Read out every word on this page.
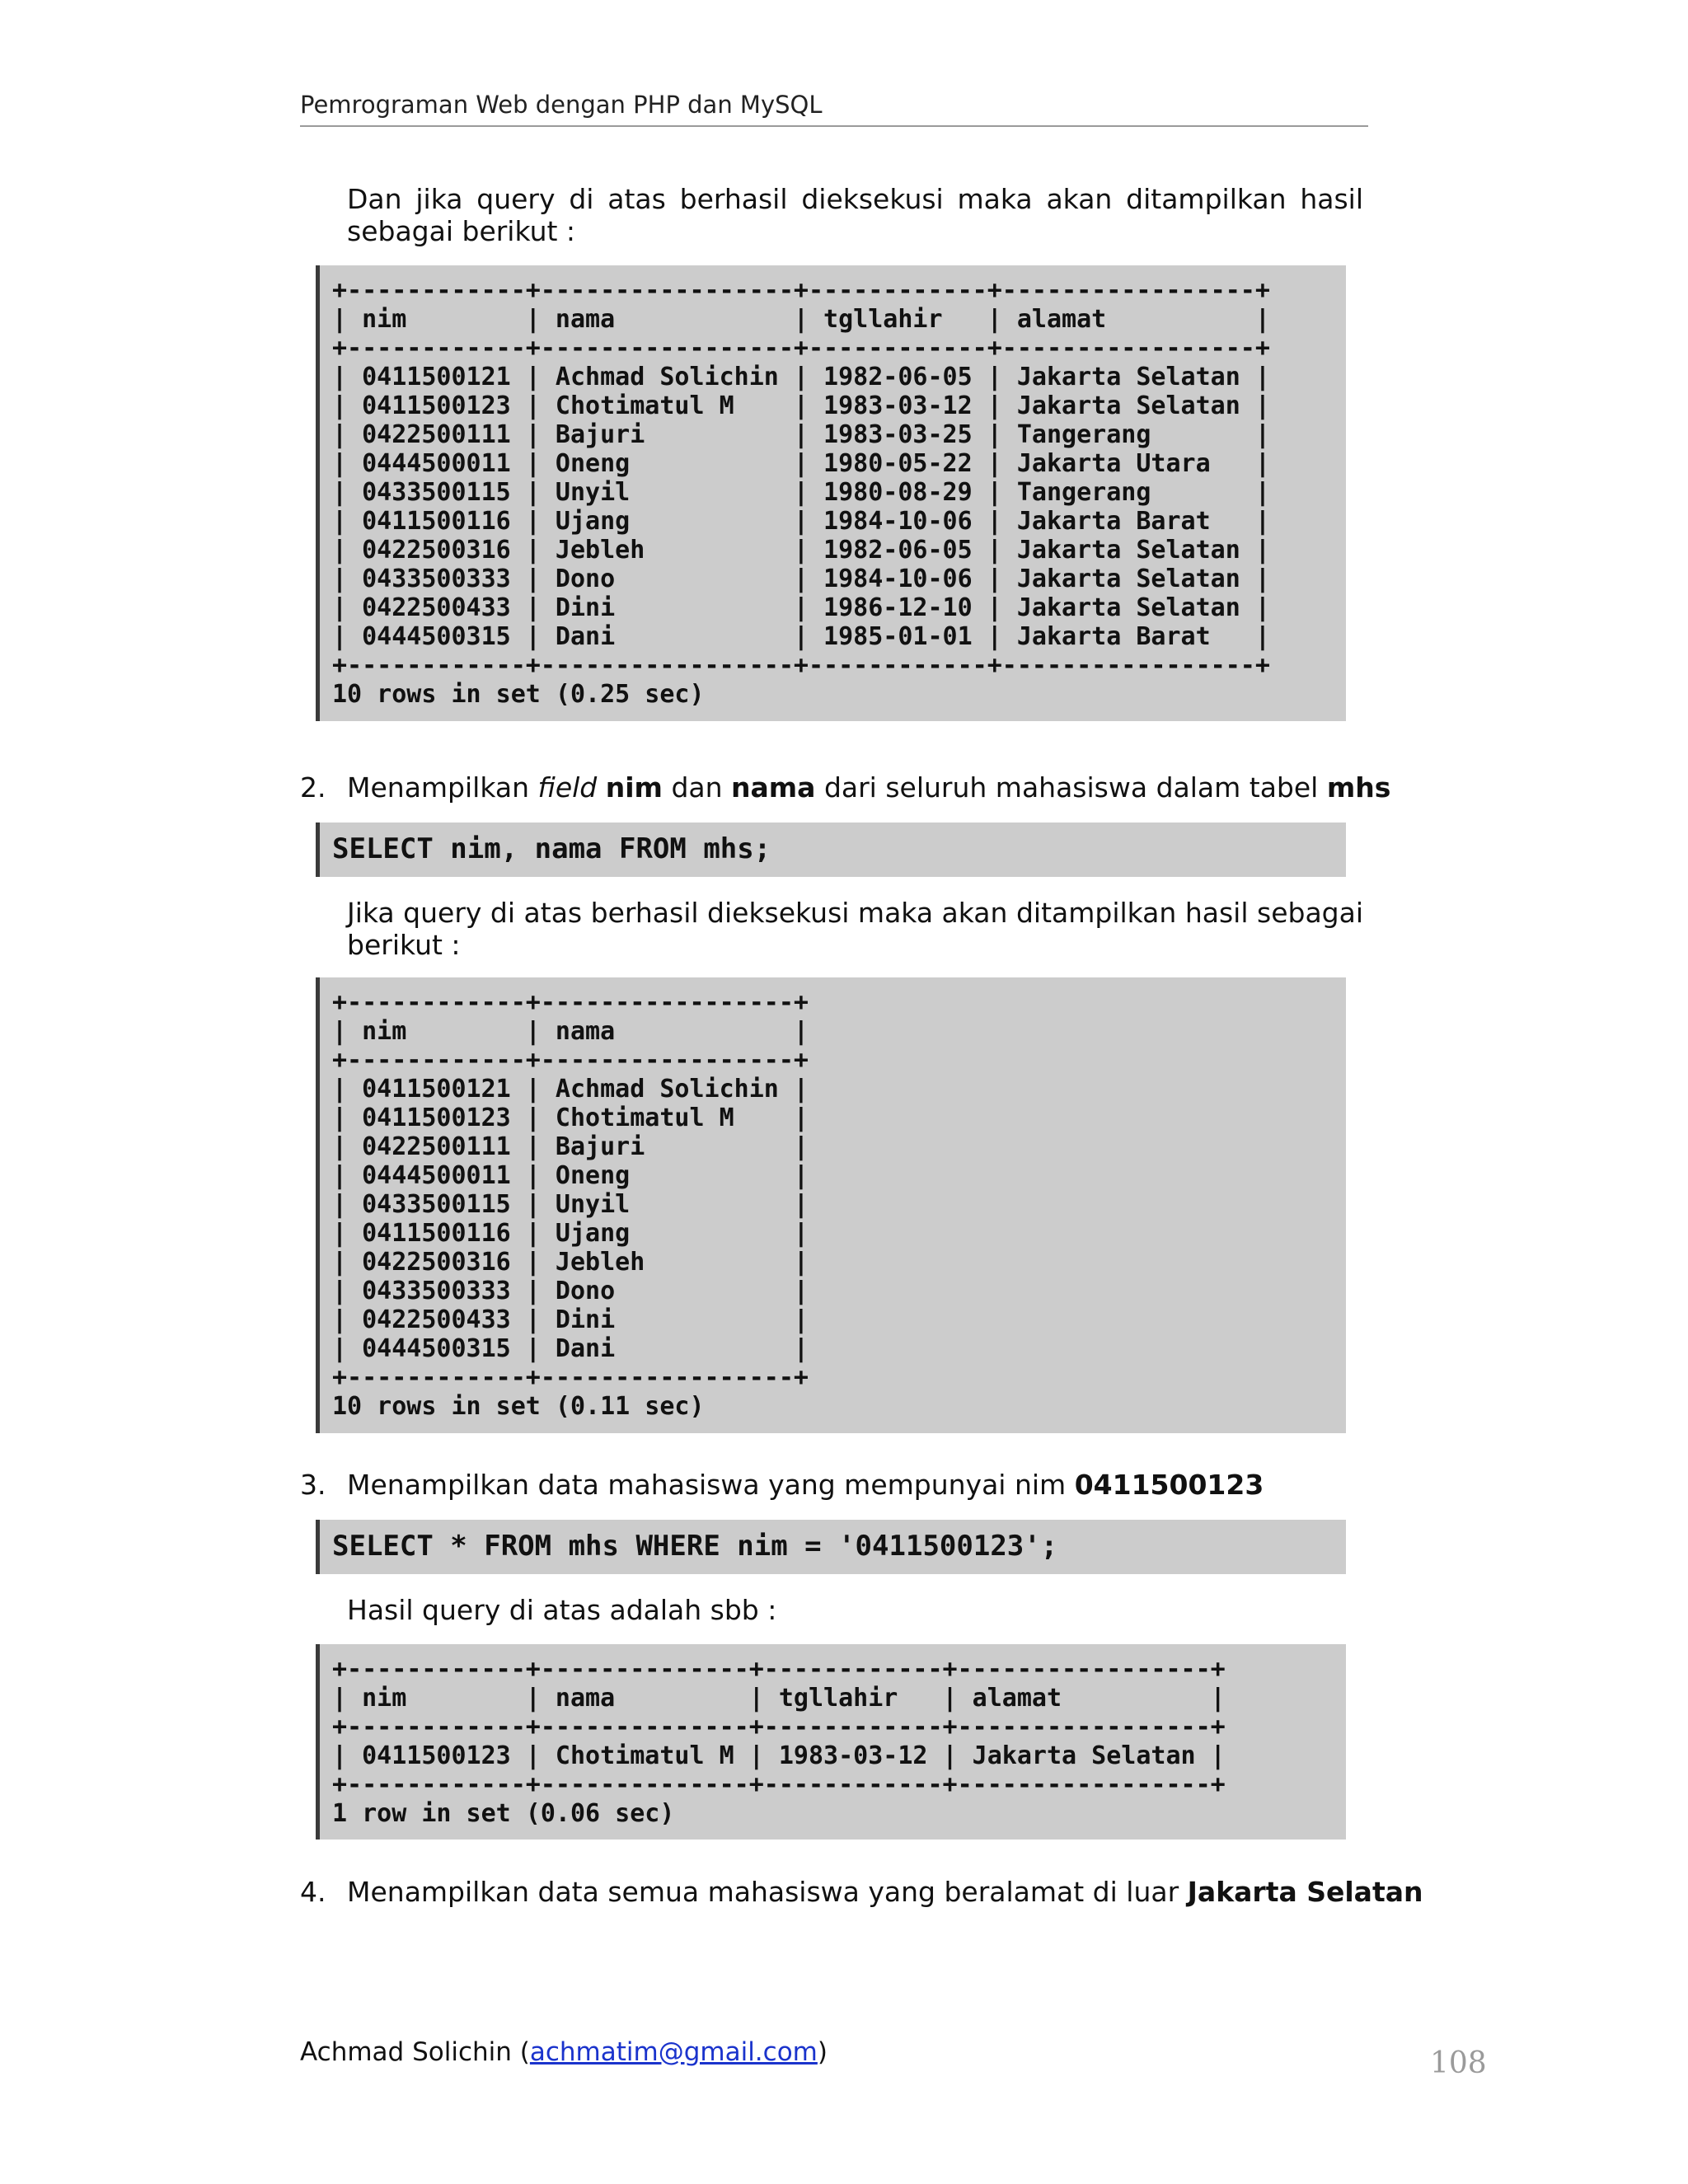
Pemrograman Web dengan PHP dan MySQL
Dan jika query di atas berhasil dieksekusi maka akan ditampilkan hasil sebagai berikut :
+------------+-----------------+------------+-----------------+
| nim        | nama            | tgllahir   | alamat          |
+------------+-----------------+------------+-----------------+
| 0411500121 | Achmad Solichin | 1982-06-05 | Jakarta Selatan |
| 0411500123 | Chotimatul M    | 1983-03-12 | Jakarta Selatan |
| 0422500111 | Bajuri          | 1983-03-25 | Tangerang       |
| 0444500011 | Oneng           | 1980-05-22 | Jakarta Utara   |
| 0433500115 | Unyil           | 1980-08-29 | Tangerang       |
| 0411500116 | Ujang           | 1984-10-06 | Jakarta Barat   |
| 0422500316 | Jebleh          | 1982-06-05 | Jakarta Selatan |
| 0433500333 | Dono            | 1984-10-06 | Jakarta Selatan |
| 0422500433 | Dini            | 1986-12-10 | Jakarta Selatan |
| 0444500315 | Dani            | 1985-01-01 | Jakarta Barat   |
+------------+-----------------+------------+-----------------+
10 rows in set (0.25 sec)
2. Menampilkan field nim dan nama dari seluruh mahasiswa dalam tabel mhs
SELECT nim, nama FROM mhs;
Jika query di atas berhasil dieksekusi maka akan ditampilkan hasil sebagai berikut :
+------------+-----------------+
| nim        | nama            |
+------------+-----------------+
| 0411500121 | Achmad Solichin |
| 0411500123 | Chotimatul M    |
| 0422500111 | Bajuri          |
| 0444500011 | Oneng           |
| 0433500115 | Unyil           |
| 0411500116 | Ujang           |
| 0422500316 | Jebleh          |
| 0433500333 | Dono            |
| 0422500433 | Dini            |
| 0444500315 | Dani            |
+------------+-----------------+
10 rows in set (0.11 sec)
3. Menampilkan data mahasiswa yang mempunyai nim 0411500123
SELECT * FROM mhs WHERE nim = '0411500123';
Hasil query di atas adalah sbb :
+------------+--------------+------------+-----------------+
| nim        | nama         | tgllahir   | alamat          |
+------------+--------------+------------+-----------------+
| 0411500123 | Chotimatul M | 1983-03-12 | Jakarta Selatan |
+------------+--------------+------------+-----------------+
1 row in set (0.06 sec)
4. Menampilkan data semua mahasiswa yang beralamat di luar Jakarta Selatan
Achmad Solichin (achmatim@gmail.com)	108
